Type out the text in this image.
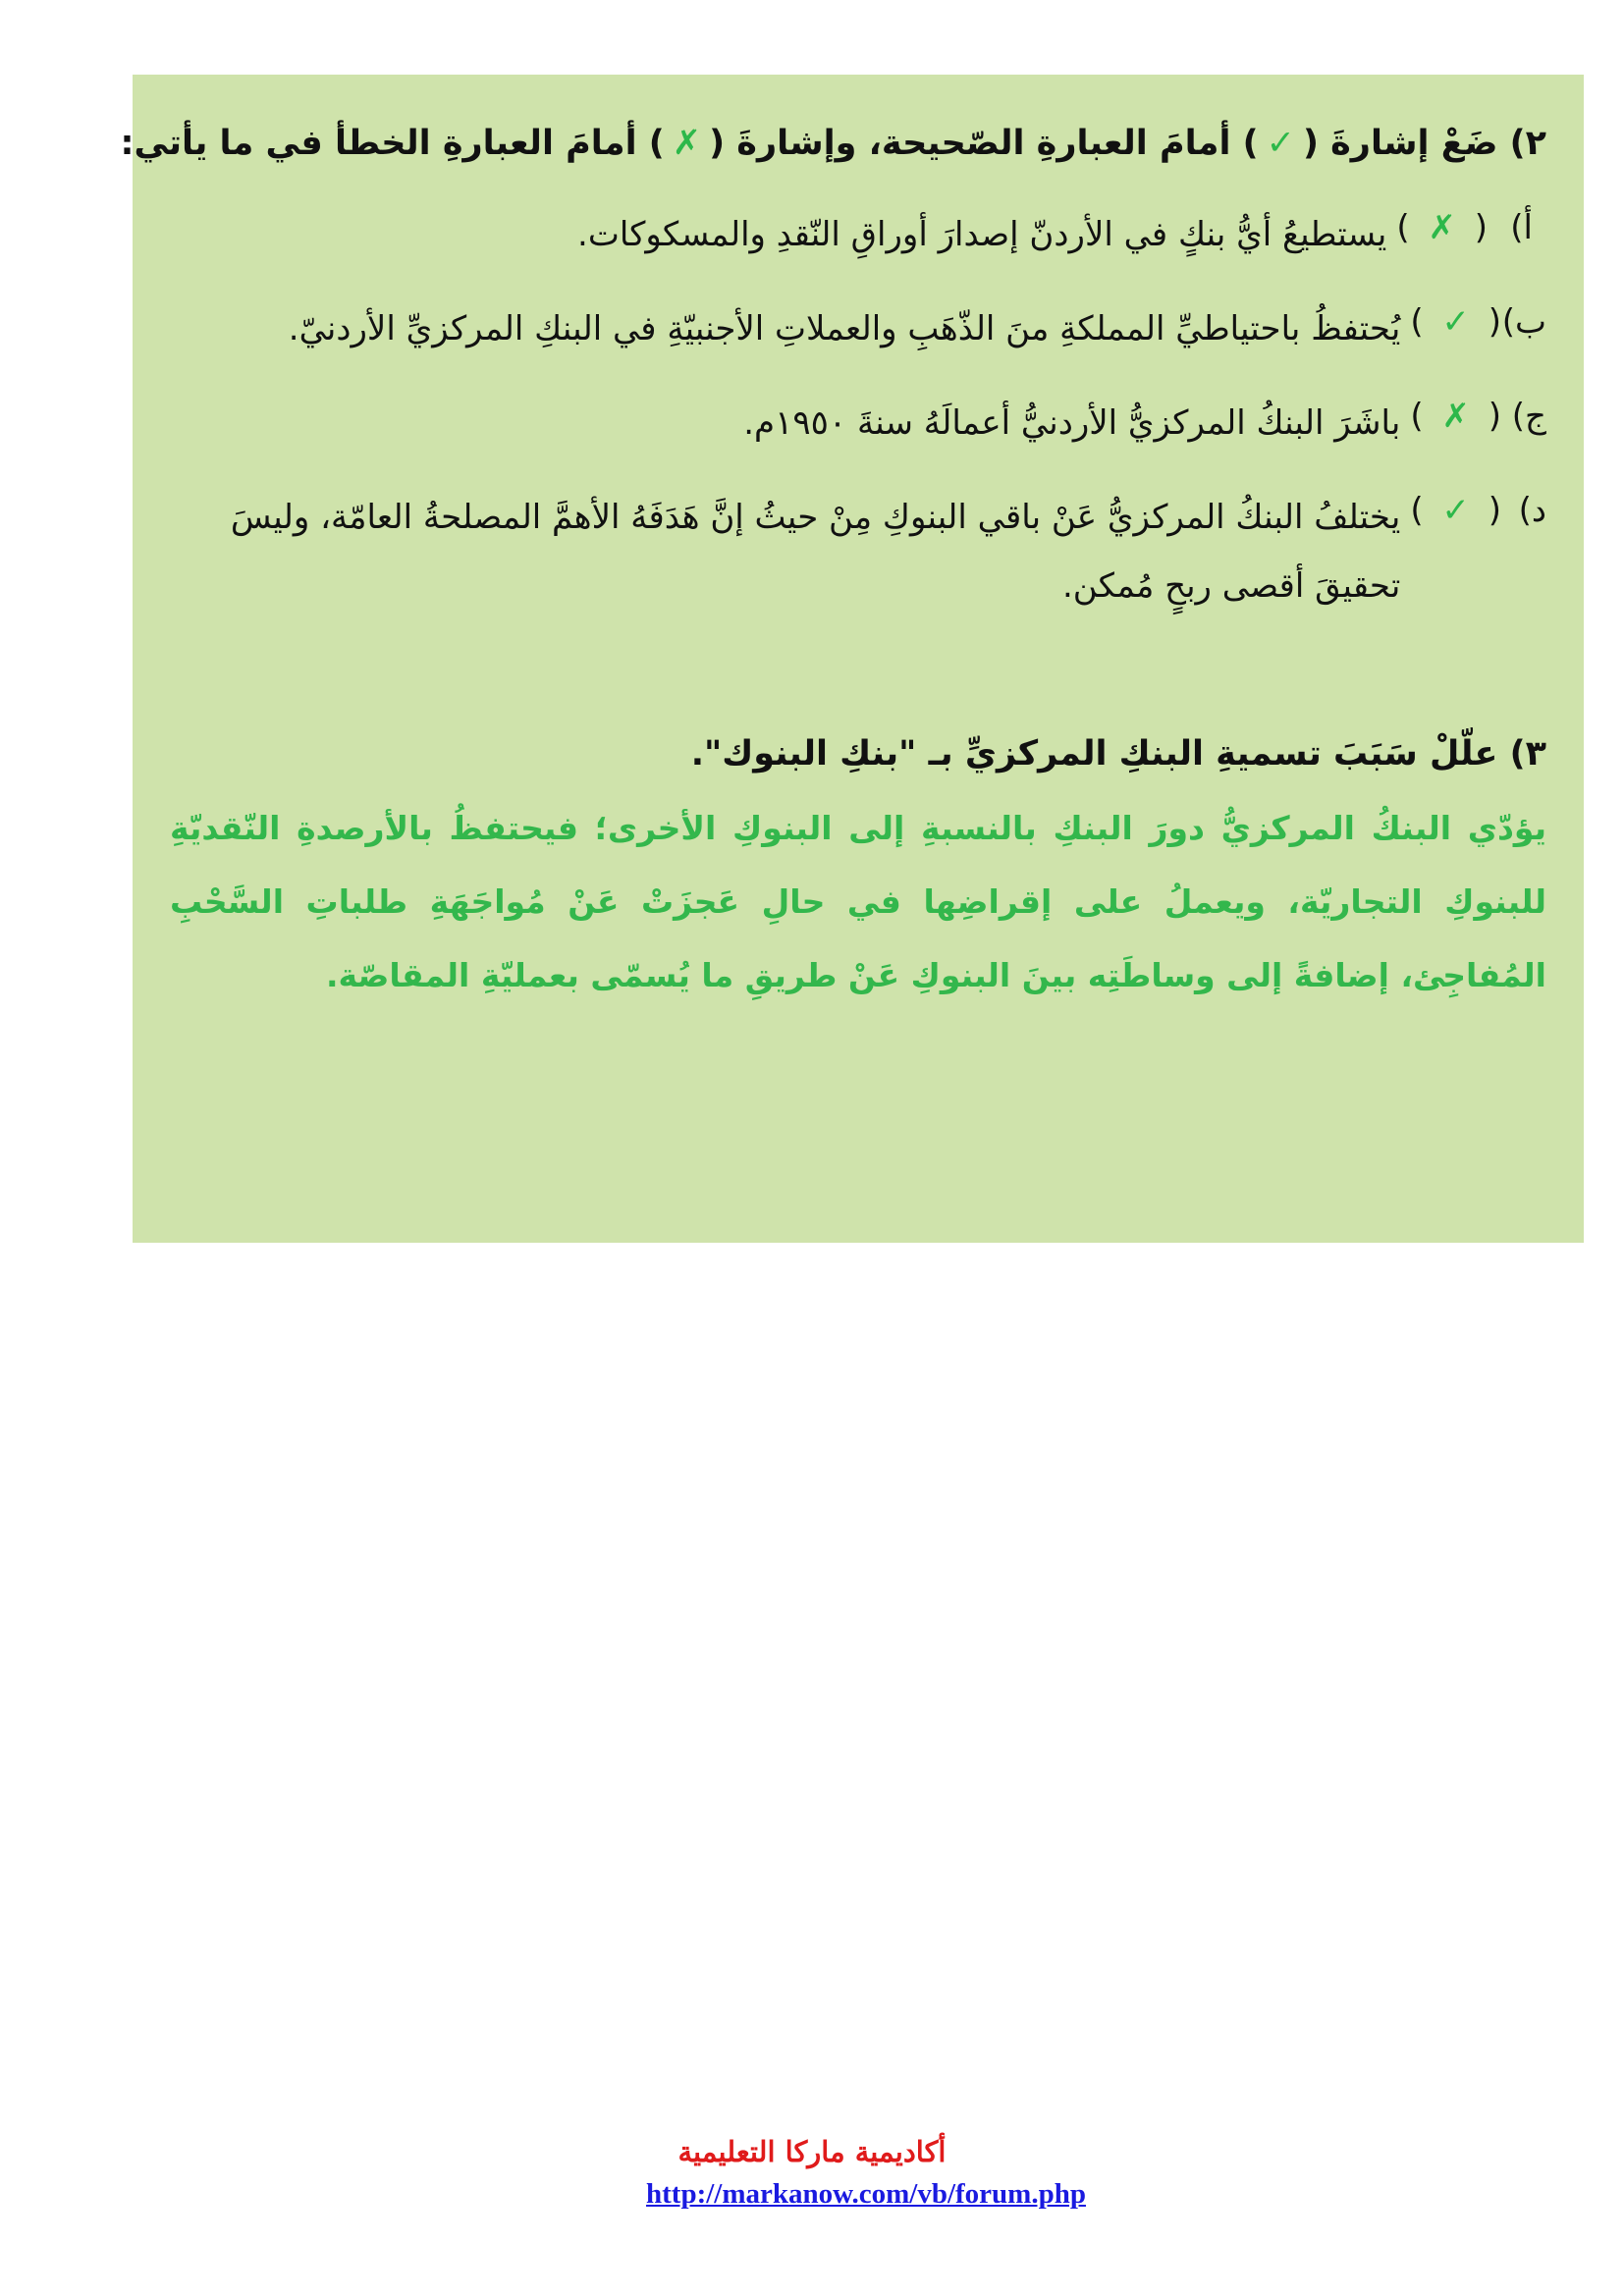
٢) ضَعْ إشارةَ (✓) أمامَ العبارةِ الصّحيحة، وإشارةَ (✗) أمامَ العبارةِ الخطأ في ما يأتي:
أ)
( ✗ )
يستطيعُ أيُّ بنكٍ في الأردنّ إصدارَ أوراقِ النّقدِ والمسكوكات.
ب)
( ✓ )
يُحتفظُ باحتياطيِّ المملكةِ منَ الذّهَبِ والعملاتِ الأجنبيّةِ في البنكِ المركزيِّ الأردنيّ.
ج)
( ✗ )
باشَرَ البنكُ المركزيُّ الأردنيُّ أعمالَهُ سنةَ ١٩٥٠م.
د)
( ✓ )
يختلفُ البنكُ المركزيُّ عَنْ باقي البنوكِ مِنْ حيثُ إنَّ هَدَفَهُ الأهمَّ المصلحةُ العامّة، وليسَ تحقيقَ أقصى ربحٍ مُمكن.
٣) علّلْ سَبَبَ تسميةِ البنكِ المركزيِّ بـ "بنكِ البنوك".
يؤدّي البنكُ المركزيُّ دورَ البنكِ بالنسبةِ إلى البنوكِ الأخرى؛ فيحتفظُ بالأرصدةِ النّقديّةِ للبنوكِ التجاريّة، ويعملُ على إقراضِها في حالِ عَجزَتْ عَنْ مُواجَهَةِ طلباتِ السَّحْبِ المُفاجِئ، إضافةً إلى وساطَتِه بينَ البنوكِ عَنْ طريقِ ما يُسمّى بعمليّةِ المقاصّة.
أكاديمية ماركا التعليمية
http://markanow.com/vb/forum.php
